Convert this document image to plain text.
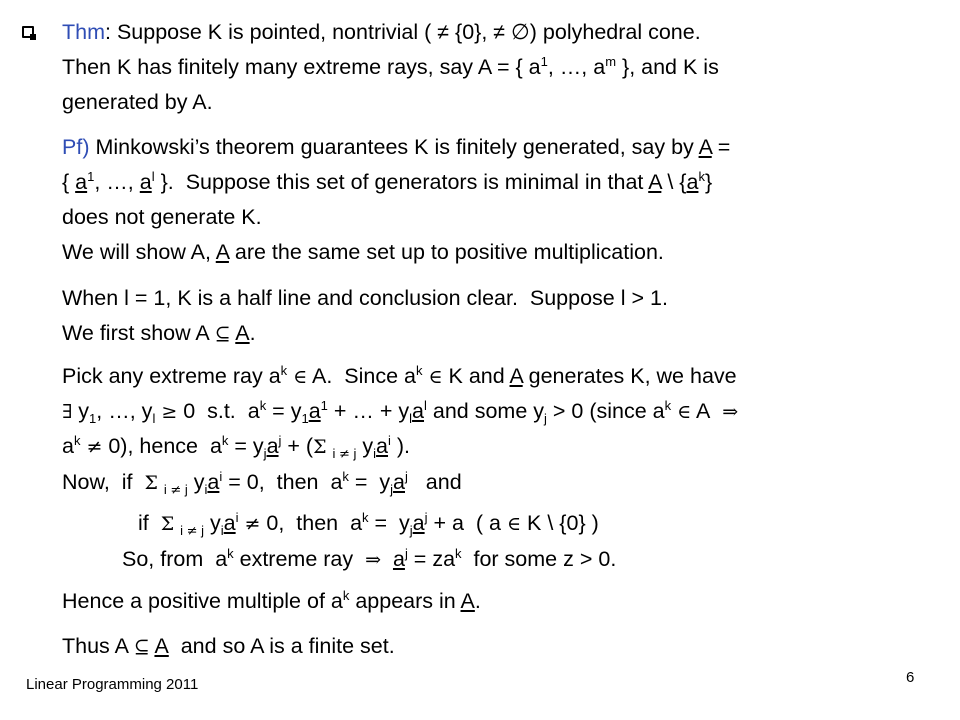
Thm: Suppose K is pointed, nontrivial ( ≠ {0}, ≠ ∅) polyhedral cone.
Then K has finitely many extreme rays, say A = { $a^1$, …, $a^m$ }, and K is
generated by A.
Pf) Minkowski’s theorem guarantees K is finitely generated, say by A =
{ $a^1$, …, $a^l$ }.  Suppose this set of generators is minimal in that A \ $\{a^k\}$
does not generate K.
We will show A, A are the same set up to positive multiplication.
When l = 1, K is a half line and conclusion clear.  Suppose l > 1.
We first show A ⊆ A.
Pick any extreme ray $a^k$ ∈ A.  Since $a^k$ ∈ K and A generates K, we have
∃ $y_1$, …, $y_l \ge 0$  s.t.  $a^k = y_1a^1$ + … + $y_la^l$ and some $y_j > 0$ (since $a^k$ ∈ A  ⇒
$a^k \ne 0$), hence  $a^k = y_ja^j + (\Sigma$ $_{i \ne j}$ $y_ia^i$ ).
Now,  if  Σ $_{i \ne j}$ $y_ia^i = 0$,  then  $a^k = y_ja^j$   and
if  Σ $_{i \ne j}$ $y_ia^i \ne 0$,  then  $a^k = y_ja^j + a$  ( a ∈ K \ {0} )
So, from  $a^k$ extreme ray  ⇒ $a^j = za^k$  for some z > 0.
Hence a positive multiple of $a^k$ appears in A.
Thus A ⊆ A  and so A is a finite set.
Linear Programming 2011	6
